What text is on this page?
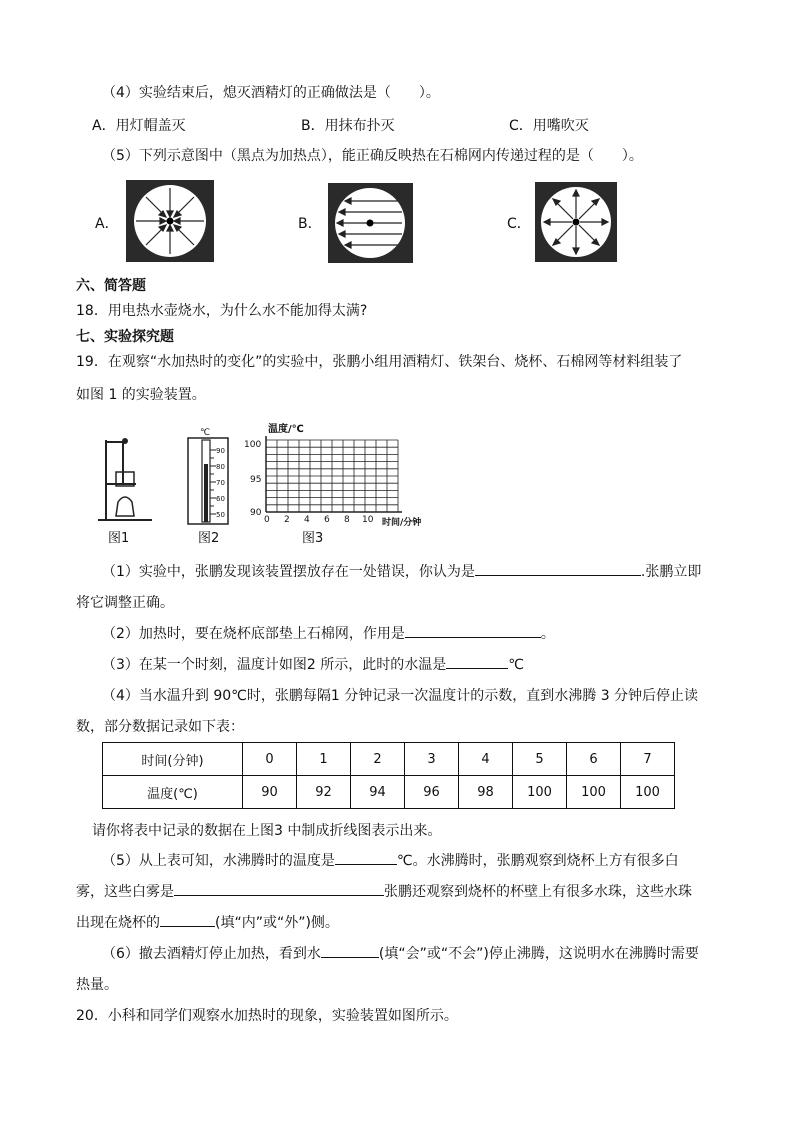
（4）实验结束后，熄灭酒精灯的正确做法是（　　）。
A．用灯帽盖灭	B．用抹布扑灭	C．用嘴吹灭
（5）下列示意图中（黑点为加热点），能正确反映热在石棉网内传递过程的是（　　）。
A．	B．	C．
六、简答题
18．用电热水壶烧水，为什么水不能加得太满?
七、实验探究题
19．在观察“水加热时的变化”的实验中，张鹏小组用酒精灯、铁架台、烧杯、石棉网等材料组装了
如图 1 的实验装置。
图1
℃
90
80
70
60
50
图2
温度/℃
100
95
90
0 2 4 6 8 10 时间/分钟
图3
（1）实验中，张鹏发现该装置摆放存在一处错误，你认为是	.张鹏立即
将它调整正确。
（2）加热时，要在烧杯底部垫上石棉网，作用是	。
（3）在某一个时刻，温度计如图2 所示，此时的水温是	℃
（4）当水温升到 90℃时，张鹏每隔1 分钟记录一次温度计的示数，直到水沸腾 3 分钟后停止读
数，部分数据记录如下表：
时间(分钟)	0	1	2	3	4	5	6	7
温度(℃)	90	92	94	96	98	100	100	100
请你将表中记录的数据在上图3 中制成折线图表示出来。
（5）从上表可知，水沸腾时的温度是	℃。水沸腾时，张鹏观察到烧杯上方有很多白
雾，这些白雾是	张鹏还观察到烧杯的杯壁上有很多水珠，这些水珠
出现在烧杯的	(填“内”或“外”)侧。
（6）撤去酒精灯停止加热，看到水	(填“会”或“不会”)停止沸腾，这说明水在沸腾时需要
热量。
20．小科和同学们观察水加热时的现象，实验装置如图所示。
